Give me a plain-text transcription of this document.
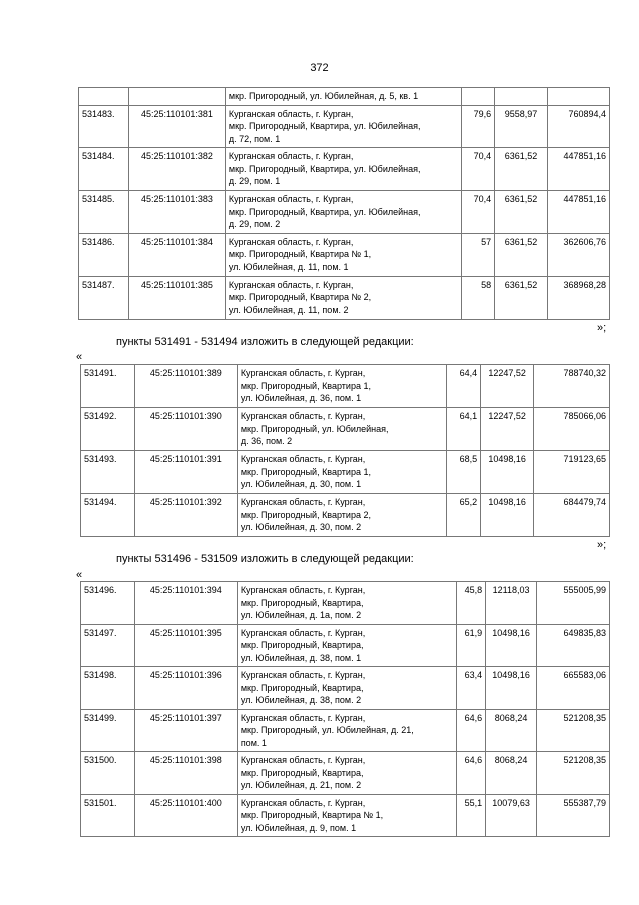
372

		мкр. Пригородный, ул. Юбилейная, д. 5, кв. 1			

531483.	45:25:110101:381	Курганская область, г. Курган,
мкр. Пригородный, Квартира, ул. Юбилейная,
д. 72, пом. 1	79,6	9558,97	760894,4
531484.	45:25:110101:382	Курганская область, г. Курган,
мкр. Пригородный, Квартира, ул. Юбилейная,
д. 29, пом. 1	70,4	6361,52	447851,16
531485.	45:25:110101:383	Курганская область, г. Курган,
мкр. Пригородный, Квартира, ул. Юбилейная,
д. 29, пом. 2	70,4	6361,52	447851,16
531486.	45:25:110101:384	Курганская область, г. Курган,
мкр. Пригородный, Квартира № 1,
ул. Юбилейная, д. 11, пом. 1	57	6361,52	362606,76
531487.	45:25:110101:385	Курганская область, г. Курган,
мкр. Пригородный, Квартира № 2,
ул. Юбилейная, д. 11, пом. 2	58	6361,52	368968,28
»;
пункты 531491 - 531494 изложить в следующей редакции:
«
531491.	45:25:110101:389	Курганская область, г. Курган,
мкр. Пригородный, Квартира 1,
ул. Юбилейная, д. 36, пом. 1	64,4	12247,52	788740,32
531492.	45:25:110101:390	Курганская область, г. Курган,
мкр. Пригородный, ул. Юбилейная,
д. 36, пом. 2	64,1	12247,52	785066,06
531493.	45:25:110101:391	Курганская область, г. Курган,
мкр. Пригородный, Квартира 1,
ул. Юбилейная, д. 30, пом. 1	68,5	10498,16	719123,65
531494.	45:25:110101:392	Курганская область, г. Курган,
мкр. Пригородный, Квартира 2,
ул. Юбилейная, д. 30, пом. 2	65,2	10498,16	684479,74
»;
пункты 531496 - 531509 изложить в следующей редакции:
«
531496.	45:25:110101:394	Курганская область, г. Курган,
мкр. Пригородный, Квартира,
ул. Юбилейная, д. 1а, пом. 2	45,8	12118,03	555005,99
531497.	45:25:110101:395	Курганская область, г. Курган,
мкр. Пригородный, Квартира,
ул. Юбилейная, д. 38, пом. 1	61,9	10498,16	649835,83
531498.	45:25:110101:396	Курганская область, г. Курган,
мкр. Пригородный, Квартира,
ул. Юбилейная, д. 38, пом. 2	63,4	10498,16	665583,06
531499.	45:25:110101:397	Курганская область, г. Курган,
мкр. Пригородный, ул. Юбилейная, д. 21,
пом. 1	64,6	8068,24	521208,35
531500.	45:25:110101:398	Курганская область, г. Курган,
мкр. Пригородный, Квартира,
ул. Юбилейная, д. 21, пом. 2	64,6	8068,24	521208,35
531501.	45:25:110101:400	Курганская область, г. Курган,
мкр. Пригородный, Квартира № 1,
ул. Юбилейная, д. 9, пом. 1	55,1	10079,63	555387,79
